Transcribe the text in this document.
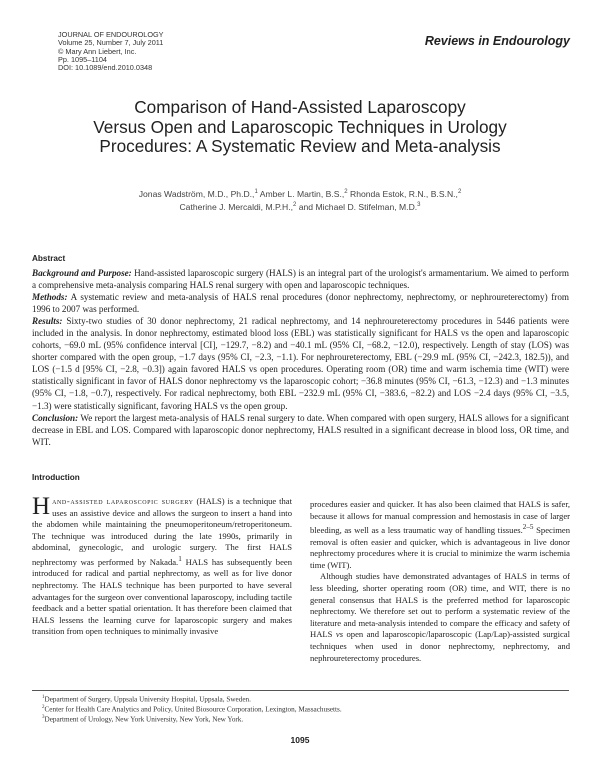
JOURNAL OF ENDOUROLOGY
Volume 25, Number 7, July 2011
© Mary Ann Liebert, Inc.
Pp. 1095–1104
DOI: 10.1089/end.2010.0348
Reviews in Endourology
Comparison of Hand-Assisted Laparoscopy
Versus Open and Laparoscopic Techniques in Urology
Procedures: A Systematic Review and Meta-analysis
Jonas Wadström, M.D., Ph.D.,$^1$ Amber L. Martin, B.S.,$^2$ Rhonda Estok, R.N., B.S.N.,$^2$
Catherine J. Mercaldi, M.P.H.,$^2$ and Michael D. Stifelman, M.D.$^3$
Abstract

Background and Purpose: Hand-assisted laparoscopic surgery (HALS) is an integral part of the urologist's armamentarium. We aimed to perform a comprehensive meta-analysis comparing HALS renal surgery with open and laparoscopic techniques.

Methods: A systematic review and meta-analysis of HALS renal procedures (donor nephrectomy, nephrectomy, or nephroureterectomy) from 1996 to 2007 was performed.

Results: Sixty-two studies of 30 donor nephrectomy, 21 radical nephrectomy, and 14 nephroureterectomy procedures in 5446 patients were included in the analysis. In donor nephrectomy, estimated blood loss (EBL) was statistically significant for HALS vs the open and laparoscopic cohorts, −69.0 mL (95% confidence interval [CI], −129.7, −8.2) and −40.1 mL (95% CI, −68.2, −12.0), respectively. Length of stay (LOS) was shorter compared with the open group, −1.7 days (95% CI, −2.3, −1.1). For nephroureterectomy, EBL (−29.9 mL (95% CI, −242.3, 182.5)), and LOS (−1.5 d [95% CI, −2.8, −0.3]) again favored HALS vs open procedures. Operating room (OR) time and warm ischemia time (WIT) were statistically significant in favor of HALS donor nephrectomy vs the laparoscopic cohort; −36.8 minutes (95% CI, −61.3, −12.3) and −1.3 minutes (95% CI, −1.8, −0.7), respectively. For radical nephrectomy, both EBL −232.9 mL (95% CI, −383.6, −82.2) and LOS −2.4 days (95% CI, −3.5, −1.3) were statistically significant, favoring HALS vs the open group.

Conclusion: We report the largest meta-analysis of HALS renal surgery to date. When compared with open surgery, HALS allows for a significant decrease in EBL and LOS. Compared with laparoscopic donor nephrectomy, HALS resulted in a significant decrease in blood loss, OR time, and WIT.

Introduction

Hand-assisted laparoscopic surgery (HALS) is a technique that uses an assistive device and allows the surgeon to insert a hand into the abdomen while maintaining the pneumoperitoneum/retroperitoneum. The technique was introduced during the late 1990s, primarily in abdominal, gynecologic, and urologic surgery. The first HALS nephrectomy was performed by Nakada.$^1$ HALS has subsequently been introduced for radical and partial nephrectomy, as well as for live donor nephrectomy. The HALS technique has been purported to have several advantages for the surgeon over conventional laparoscopy, including tactile feedback and a better spatial orientation. It has therefore been claimed that HALS lessens the learning curve for laparoscopic surgery and makes transition from open techniques to minimally invasive

procedures easier and quicker. It has also been claimed that HALS is safer, because it allows for manual compression and hemostasis in case of larger bleeding, as well as a less traumatic way of handling tissues.$^{2-5}$ Specimen removal is often easier and quicker, which is advantageous in live donor nephrectomy procedures where it is crucial to minimize the warm ischemia time (WIT).

Although studies have demonstrated advantages of HALS in terms of less bleeding, shorter operating room (OR) time, and WIT, there is no general consensus that HALS is the preferred method for laparoscopic nephrectomy. We therefore set out to perform a systematic review of the literature and meta-analysis intended to compare the efficacy and safety of HALS vs open and laparoscopic/laparoscopic (Lap/Lap)-assisted surgical techniques when used in donor nephrectomy, nephrectomy, and nephroureterectomy procedures.

$^1$Department of Surgery, Uppsala University Hospital, Uppsala, Sweden.
$^2$Center for Health Care Analytics and Policy, United Biosource Corporation, Lexington, Massachusetts.
$^3$Department of Urology, New York University, New York, New York.
1095
